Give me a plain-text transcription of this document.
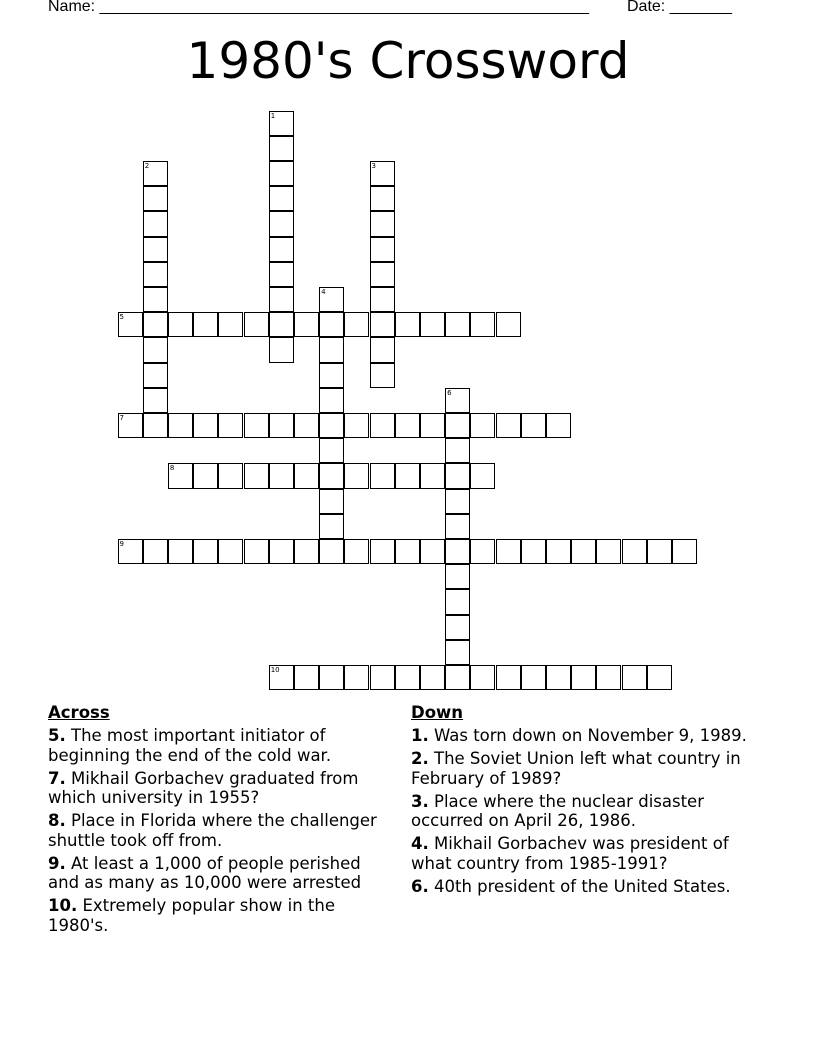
Name: _______________________________________________________ Date: _______
1980's Crossword
1
2	3
4
5
6
7
8
9
10
Across
5. The most important initiator of beginning the end of the cold war.
7. Mikhail Gorbachev graduated from which university in 1955?
8. Place in Florida where the challenger shuttle took off from.
9. At least a 1,000 of people perished and as many as 10,000 were arrested
10. Extremely popular show in the 1980's.
Down
1. Was torn down on November 9, 1989.
2. The Soviet Union left what country in February of 1989?
3. Place where the nuclear disaster occurred on April 26, 1986.
4. Mikhail Gorbachev was president of what country from 1985-1991?
6. 40th president of the United States.
